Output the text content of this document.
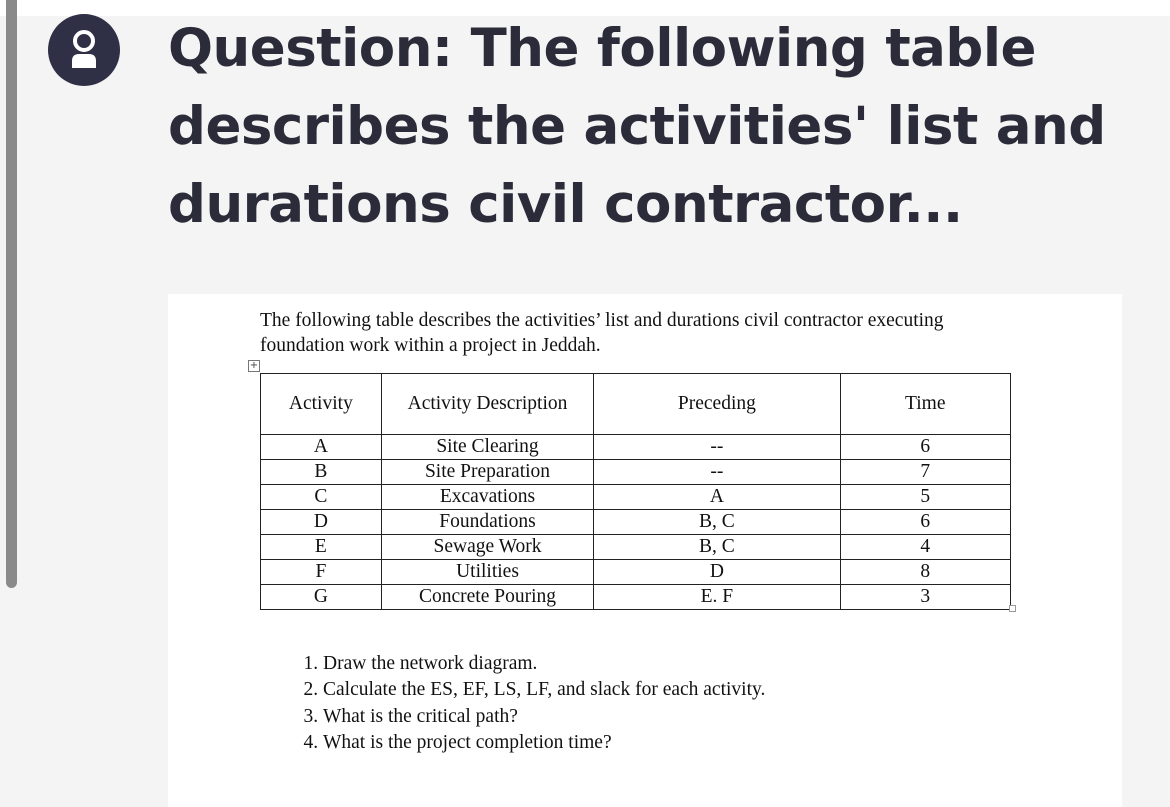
Question: The following table describes the activities' list and durations civil contractor...

The following table describes the activities’ list and durations civil contractor executing foundation work within a project in Jeddah.

+
Activity	Activity Description	Preceding	Time
A	Site Clearing	--	6
B	Site Preparation	--	7
C	Excavations	A	5
D	Foundations	B, C	6
E	Sewage Work	B, C	4
F	Utilities	D	8
G	Concrete Pouring	E. F	3
1. Draw the network diagram.
2. Calculate the ES, EF, LS, LF, and slack for each activity.
3. What is the critical path?
4. What is the project completion time?
